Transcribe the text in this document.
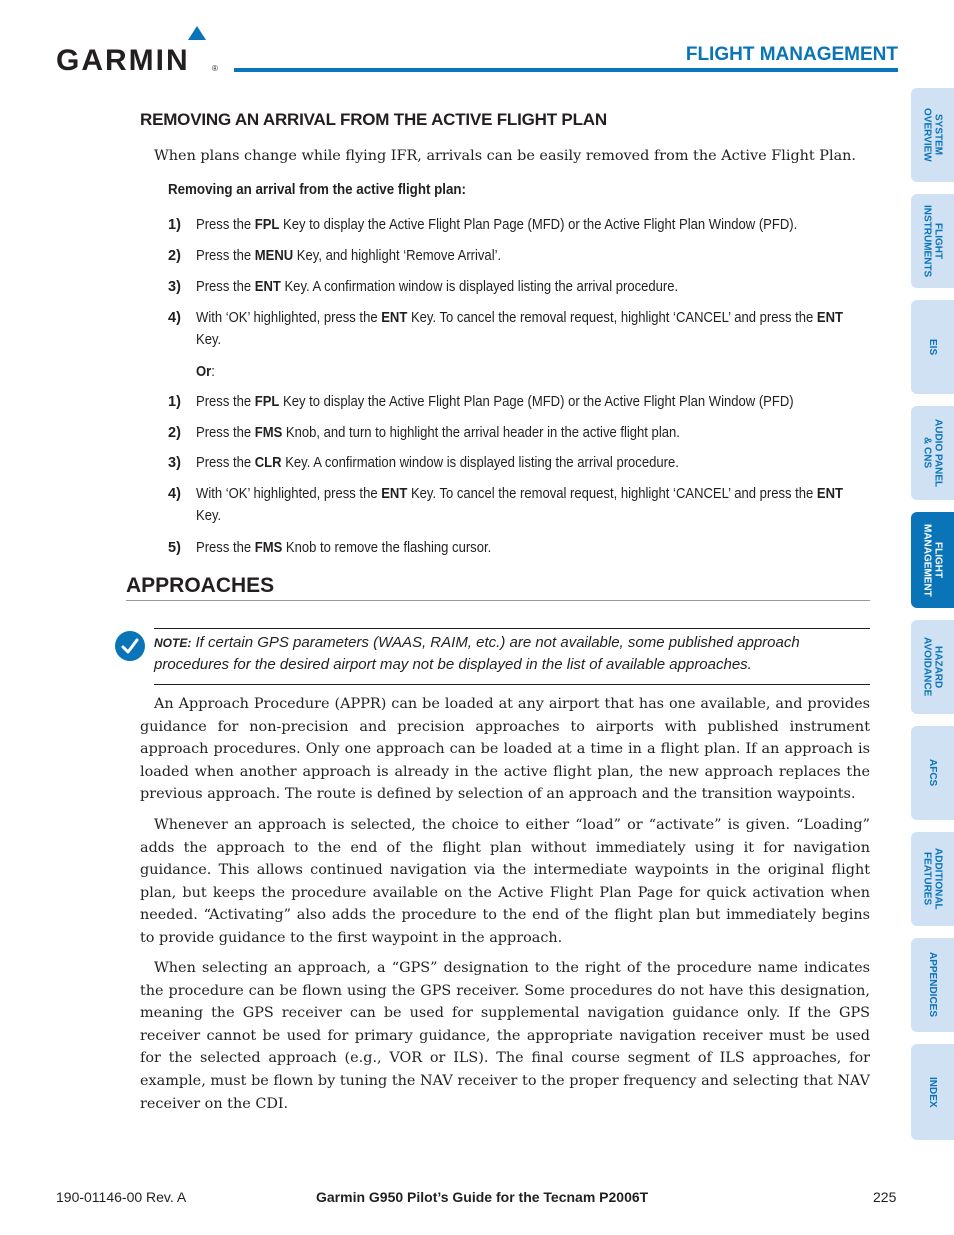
GARMIN	®
FLIGHT MANAGEMENT
SYSTEM
OVERVIEW
FLIGHT
INSTRUMENTS
EIS
AUDIO PANEL
& CNS
FLIGHT
MANAGEMENT
HAZARD
AVOIDANCE
AFCS
ADDITIONAL
FEATURES
APPENDICES
INDEX
REMOVING AN ARRIVAL FROM THE ACTIVE FLIGHT PLAN
When plans change while flying IFR, arrivals can be easily removed from the Active Flight Plan.
Removing an arrival from the active flight plan:
1) Press the FPL Key to display the Active Flight Plan Page (MFD) or the Active Flight Plan Window (PFD).
2) Press the MENU Key, and highlight ‘Remove Arrival’.
3) Press the ENT Key. A confirmation window is displayed listing the arrival procedure.
4) With ‘OK’ highlighted, press the ENT Key. To cancel the removal request, highlight ‘CANCEL’ and press the ENT
Key.
Or:
1) Press the FPL Key to display the Active Flight Plan Page (MFD) or the Active Flight Plan Window (PFD)
2) Press the FMS Knob, and turn to highlight the arrival header in the active flight plan.
3) Press the CLR Key. A confirmation window is displayed listing the arrival procedure.
4) With ‘OK’ highlighted, press the ENT Key. To cancel the removal request, highlight ‘CANCEL’ and press the ENT
Key.
5) Press the FMS Knob to remove the flashing cursor.
APPROACHES
NOTE: If certain GPS parameters (WAAS, RAIM, etc.) are not available, some published approach procedures for the desired airport may not be displayed in the list of available approaches.
An Approach Procedure (APPR) can be loaded at any airport that has one available, and provides guidance for non-precision and precision approaches to airports with published instrument approach procedures. Only one approach can be loaded at a time in a flight plan. If an approach is loaded when another approach is already in the active flight plan, the new approach replaces the previous approach. The route is defined by selection of an approach and the transition waypoints.
Whenever an approach is selected, the choice to either “load” or “activate” is given. “Loading” adds the approach to the end of the flight plan without immediately using it for navigation guidance. This allows continued navigation via the intermediate waypoints in the original flight plan, but keeps the procedure available on the Active Flight Plan Page for quick activation when needed. “Activating” also adds the procedure to the end of the flight plan but immediately begins to provide guidance to the first waypoint in the approach.
When selecting an approach, a “GPS” designation to the right of the procedure name indicates the procedure can be flown using the GPS receiver. Some procedures do not have this designation, meaning the GPS receiver can be used for supplemental navigation guidance only. If the GPS receiver cannot be used for primary guidance, the appropriate navigation receiver must be used for the selected approach (e.g., VOR or ILS). The final course segment of ILS approaches, for example, must be flown by tuning the NAV receiver to the proper frequency and selecting that NAV receiver on the CDI.
190-01146-00 Rev. A	Garmin G950 Pilot’s Guide for the Tecnam P2006T	225
